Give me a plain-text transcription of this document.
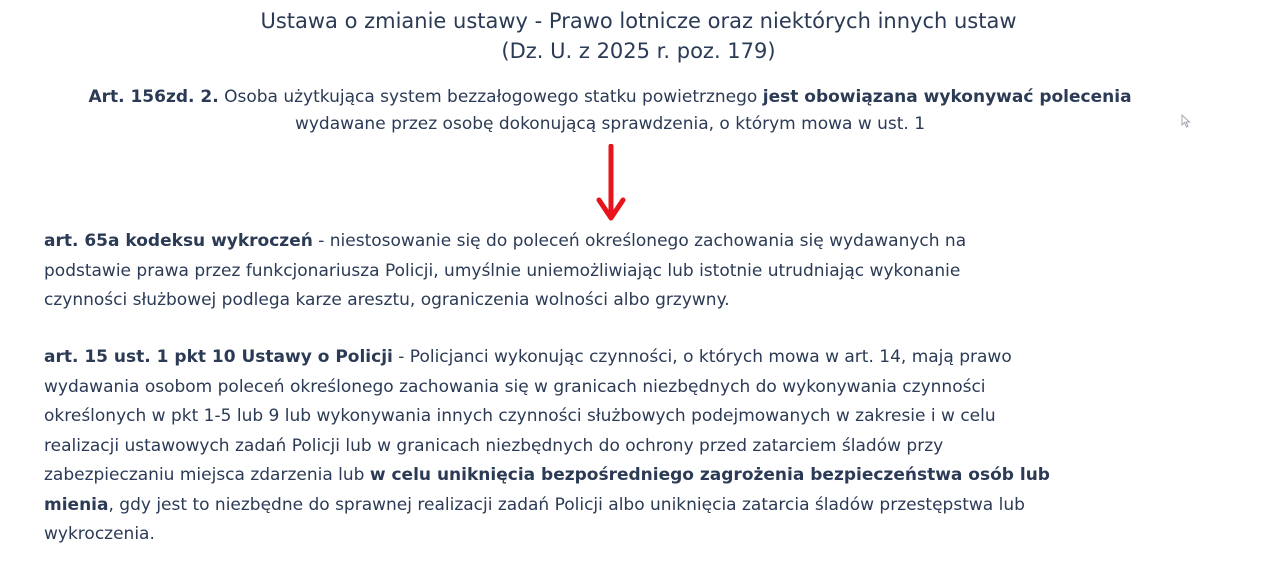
Ustawa o zmianie ustawy - Prawo lotnicze oraz niektórych innych ustaw
(Dz. U. z 2025 r. poz. 179)
Art. 156zd. 2. Osoba użytkująca system bezzałogowego statku powietrznego jest obowiązana wykonywać polecenia
wydawane przez osobę dokonującą sprawdzenia, o którym mowa w ust. 1
art. 65a kodeksu wykroczeń - niestosowanie się do poleceń określonego zachowania się wydawanych na
podstawie prawa przez funkcjonariusza Policji, umyślnie uniemożliwiając lub istotnie utrudniając wykonanie
czynności służbowej podlega karze aresztu, ograniczenia wolności albo grzywny.
art. 15 ust. 1 pkt 10 Ustawy o Policji - Policjanci wykonując czynności, o których mowa w art. 14, mają prawo
wydawania osobom poleceń określonego zachowania się w granicach niezbędnych do wykonywania czynności
określonych w pkt 1-5 lub 9 lub wykonywania innych czynności służbowych podejmowanych w zakresie i w celu
realizacji ustawowych zadań Policji lub w granicach niezbędnych do ochrony przed zatarciem śladów przy
zabezpieczaniu miejsca zdarzenia lub w celu uniknięcia bezpośredniego zagrożenia bezpieczeństwa osób lub
mienia, gdy jest to niezbędne do sprawnej realizacji zadań Policji albo uniknięcia zatarcia śladów przestępstwa lub
wykroczenia.
